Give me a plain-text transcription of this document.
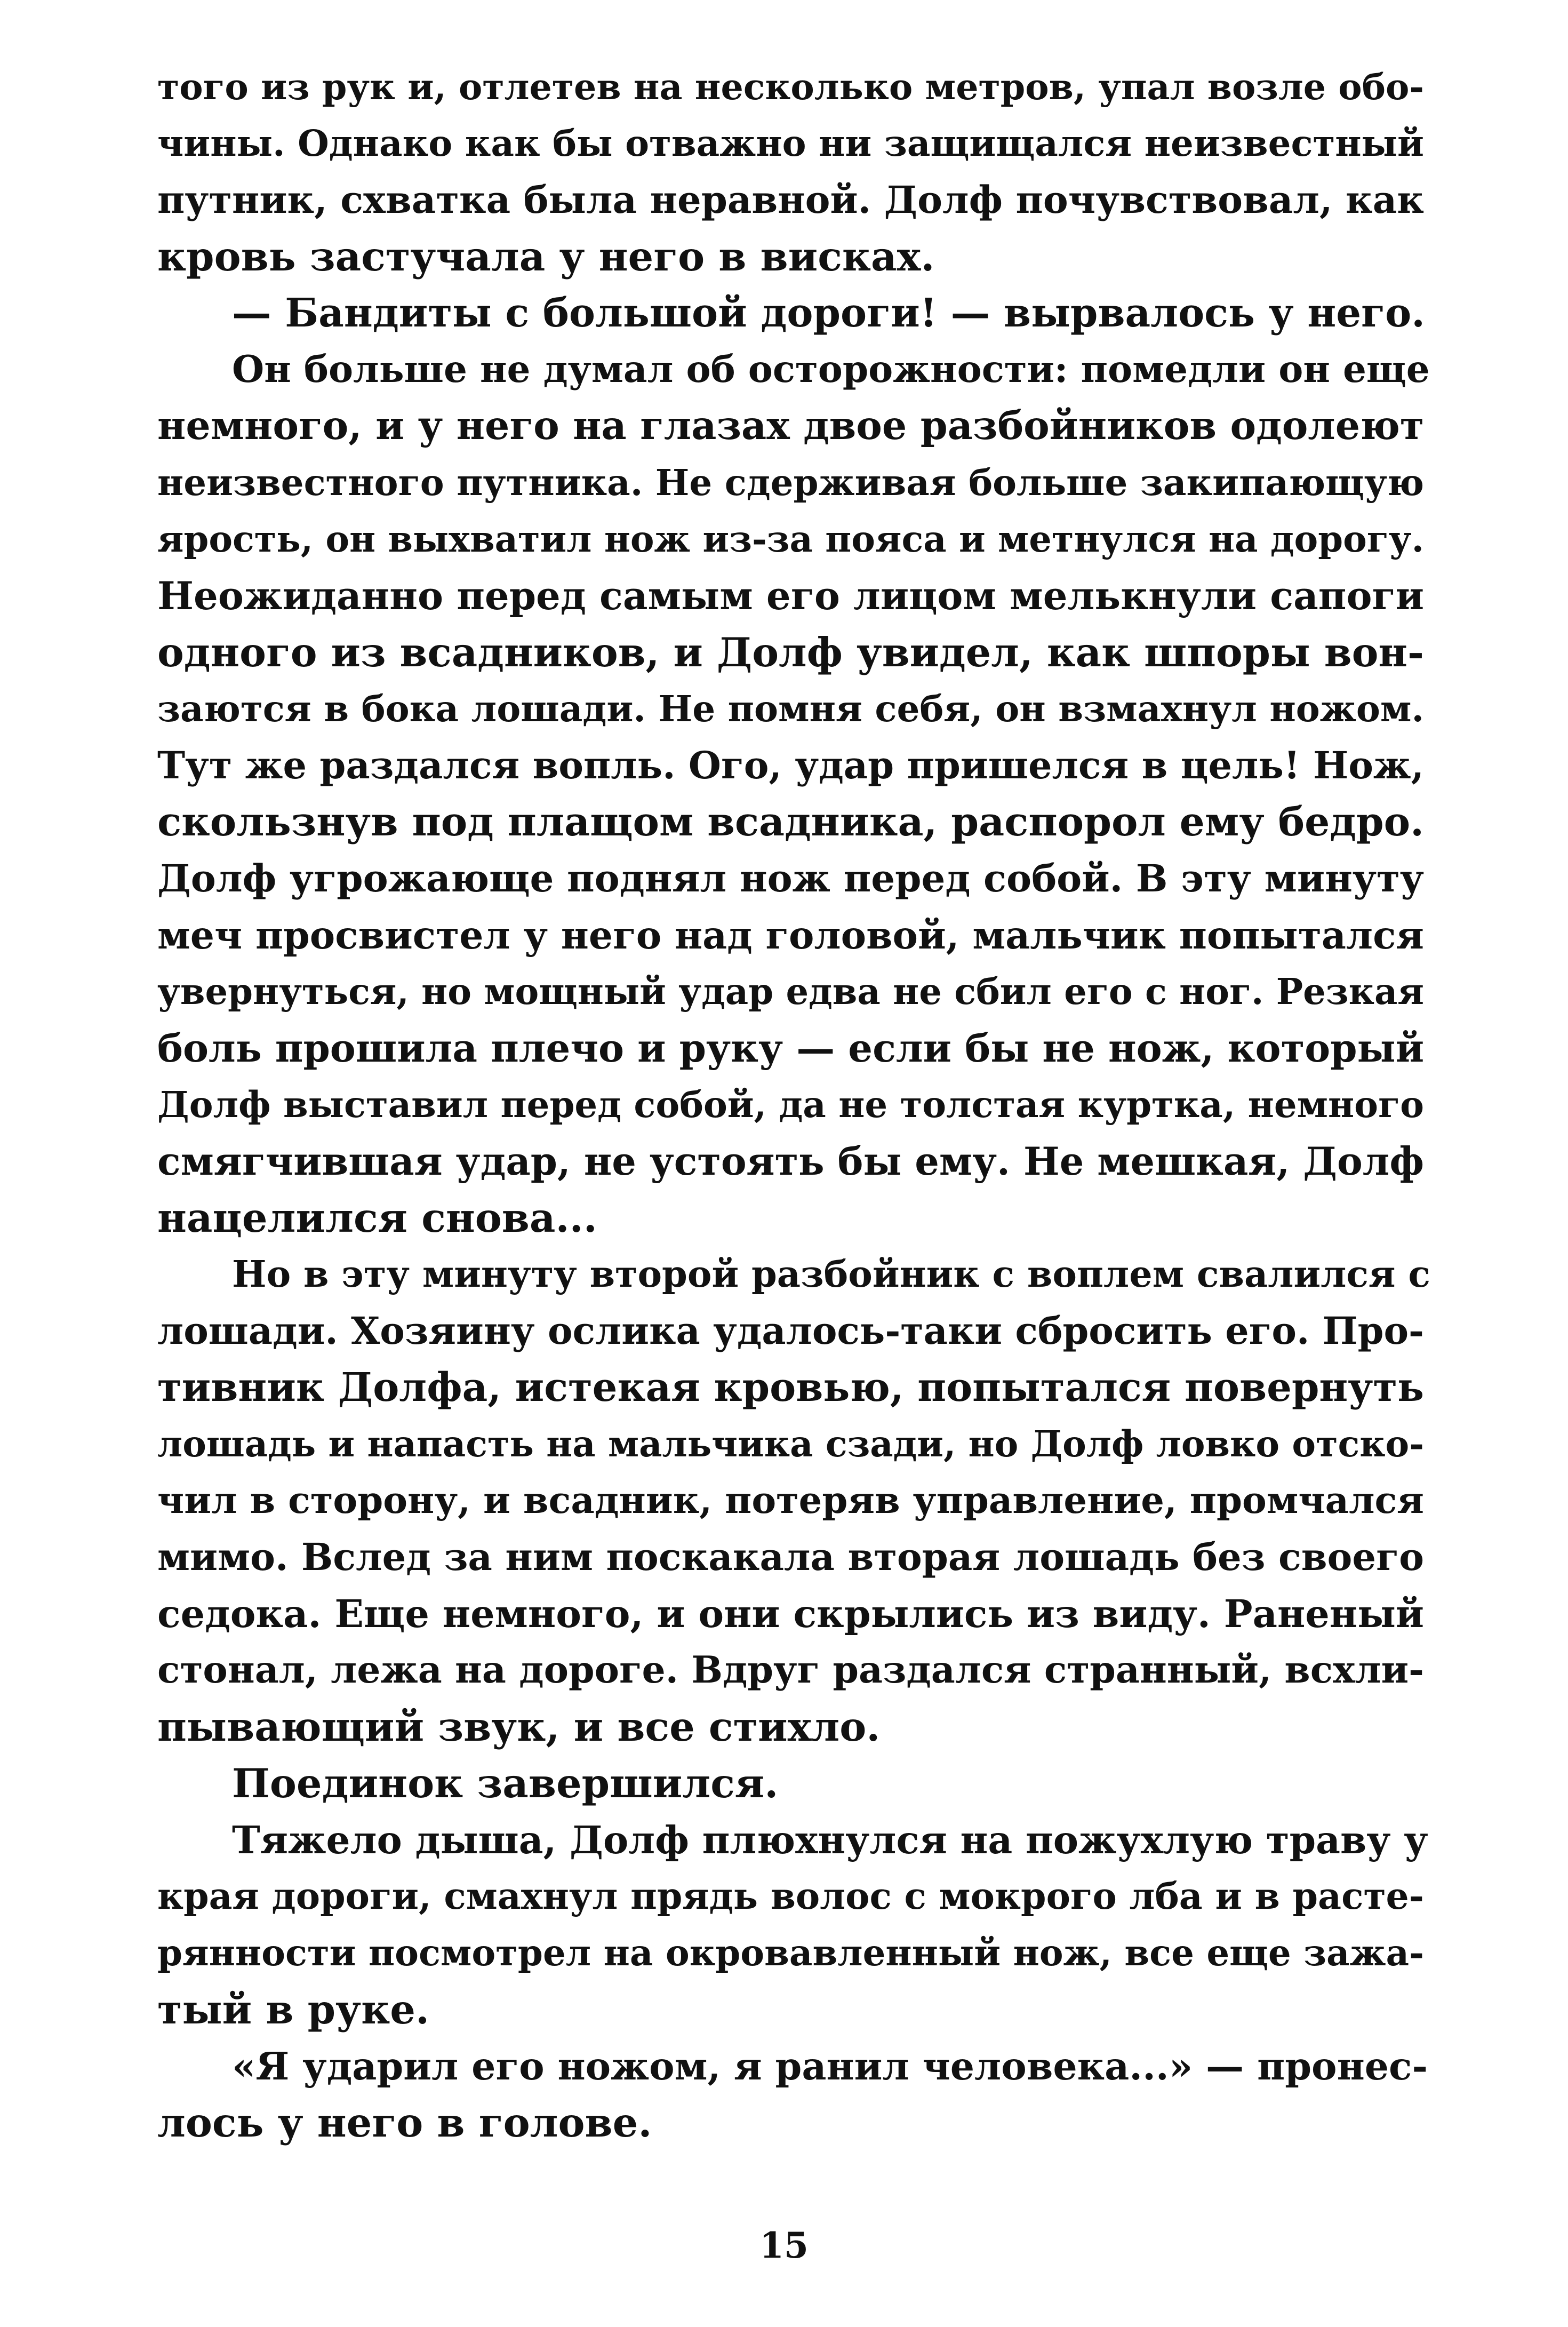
того из рук и, отлетев на несколько метров, упал возле обо-
чины. Однако как бы отважно ни защищался неизвестный
путник, схватка была неравной. Долф почувствовал, как
кровь застучала у него в висках.
— Бандиты с большой дороги! — вырвалось у него.
Он больше не думал об осторожности: помедли он еще
немного, и у него на глазах двое разбойников одолеют
неизвестного путника. Не сдерживая больше закипающую
ярость, он выхватил нож из-за пояса и метнулся на дорогу.
Неожиданно перед самым его лицом мелькнули сапоги
одного из всадников, и Долф увидел, как шпоры вон-
заются в бока лошади. Не помня себя, он взмахнул ножом.
Тут же раздался вопль. Ого, удар пришелся в цель! Нож,
скользнув под плащом всадника, распорол ему бедро.
Долф угрожающе поднял нож перед собой. В эту минуту
меч просвистел у него над головой, мальчик попытался
увернуться, но мощный удар едва не сбил его с ног. Резкая
боль прошила плечо и руку — если бы не нож, который
Долф выставил перед собой, да не толстая куртка, немного
смягчившая удар, не устоять бы ему. Не мешкая, Долф
нацелился снова...
Но в эту минуту второй разбойник с воплем свалился с
лошади. Хозяину ослика удалось-таки сбросить его. Про-
тивник Долфа, истекая кровью, попытался повернуть
лошадь и напасть на мальчика сзади, но Долф ловко отско-
чил в сторону, и всадник, потеряв управление, промчался
мимо. Вслед за ним поскакала вторая лошадь без своего
седока. Еще немного, и они скрылись из виду. Раненый
стонал, лежа на дороге. Вдруг раздался странный, всхли-
пывающий звук, и все стихло.
Поединок завершился.
Тяжело дыша, Долф плюхнулся на пожухлую траву у
края дороги, смахнул прядь волос с мокрого лба и в расте-
рянности посмотрел на окровавленный нож, все еще зажа-
тый в руке.
«Я ударил его ножом, я ранил человека...» — пронес-
лось у него в голове.
15
